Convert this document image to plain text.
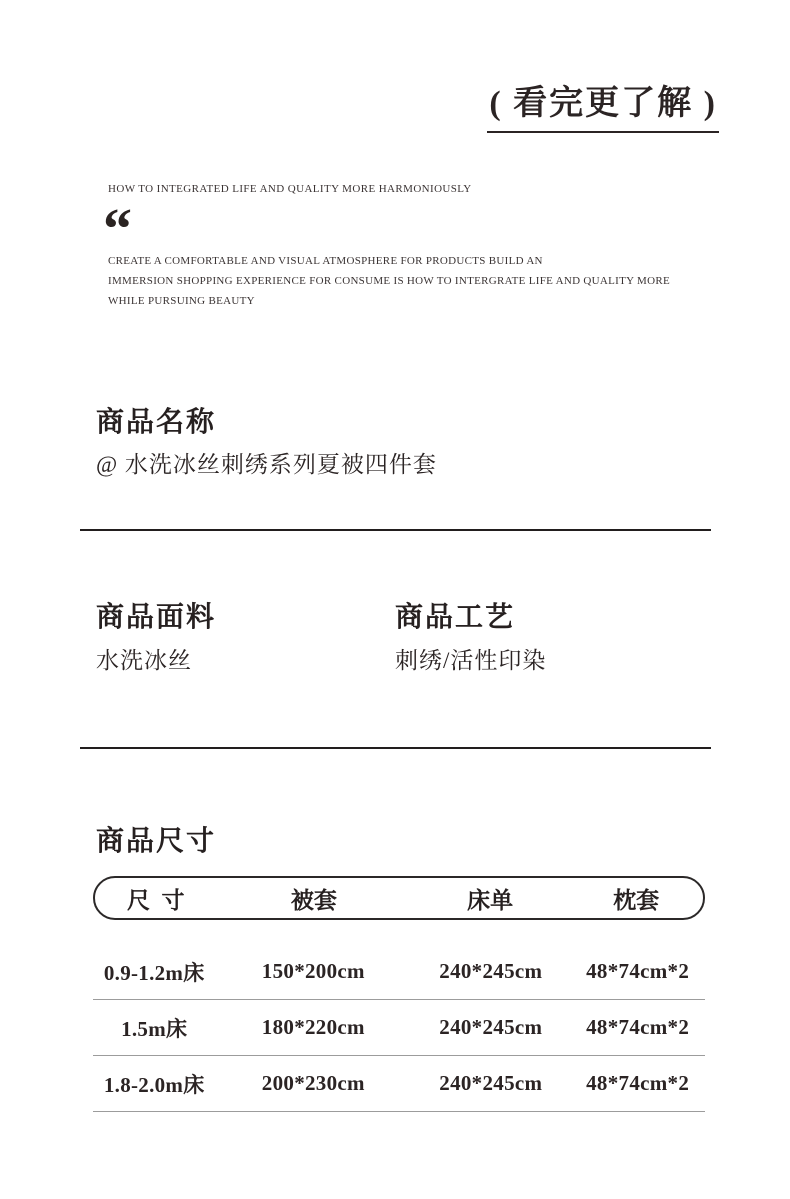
( 看完更了解 )
HOW TO INTEGRATED LIFE AND QUALITY MORE HARMONIOUSLY
“
CREATE A COMFORTABLE AND VISUAL ATMOSPHERE FOR PRODUCTS BUILD AN
IMMERSION SHOPPING EXPERIENCE FOR CONSUME IS HOW TO INTERGRATE LIFE AND QUALITY MORE
WHILE PURSUING BEAUTY
商品名称
@ 水洗冰丝刺绣系列夏被四件套
商品面料
水洗冰丝
商品工艺
刺绣/活性印染
商品尺寸
尺  寸	被套	床单	枕套
0.9-1.2m床	150*200cm	240*245cm	48*74cm*2
1.5m床	180*220cm	240*245cm	48*74cm*2
1.8-2.0m床	200*230cm	240*245cm	48*74cm*2
